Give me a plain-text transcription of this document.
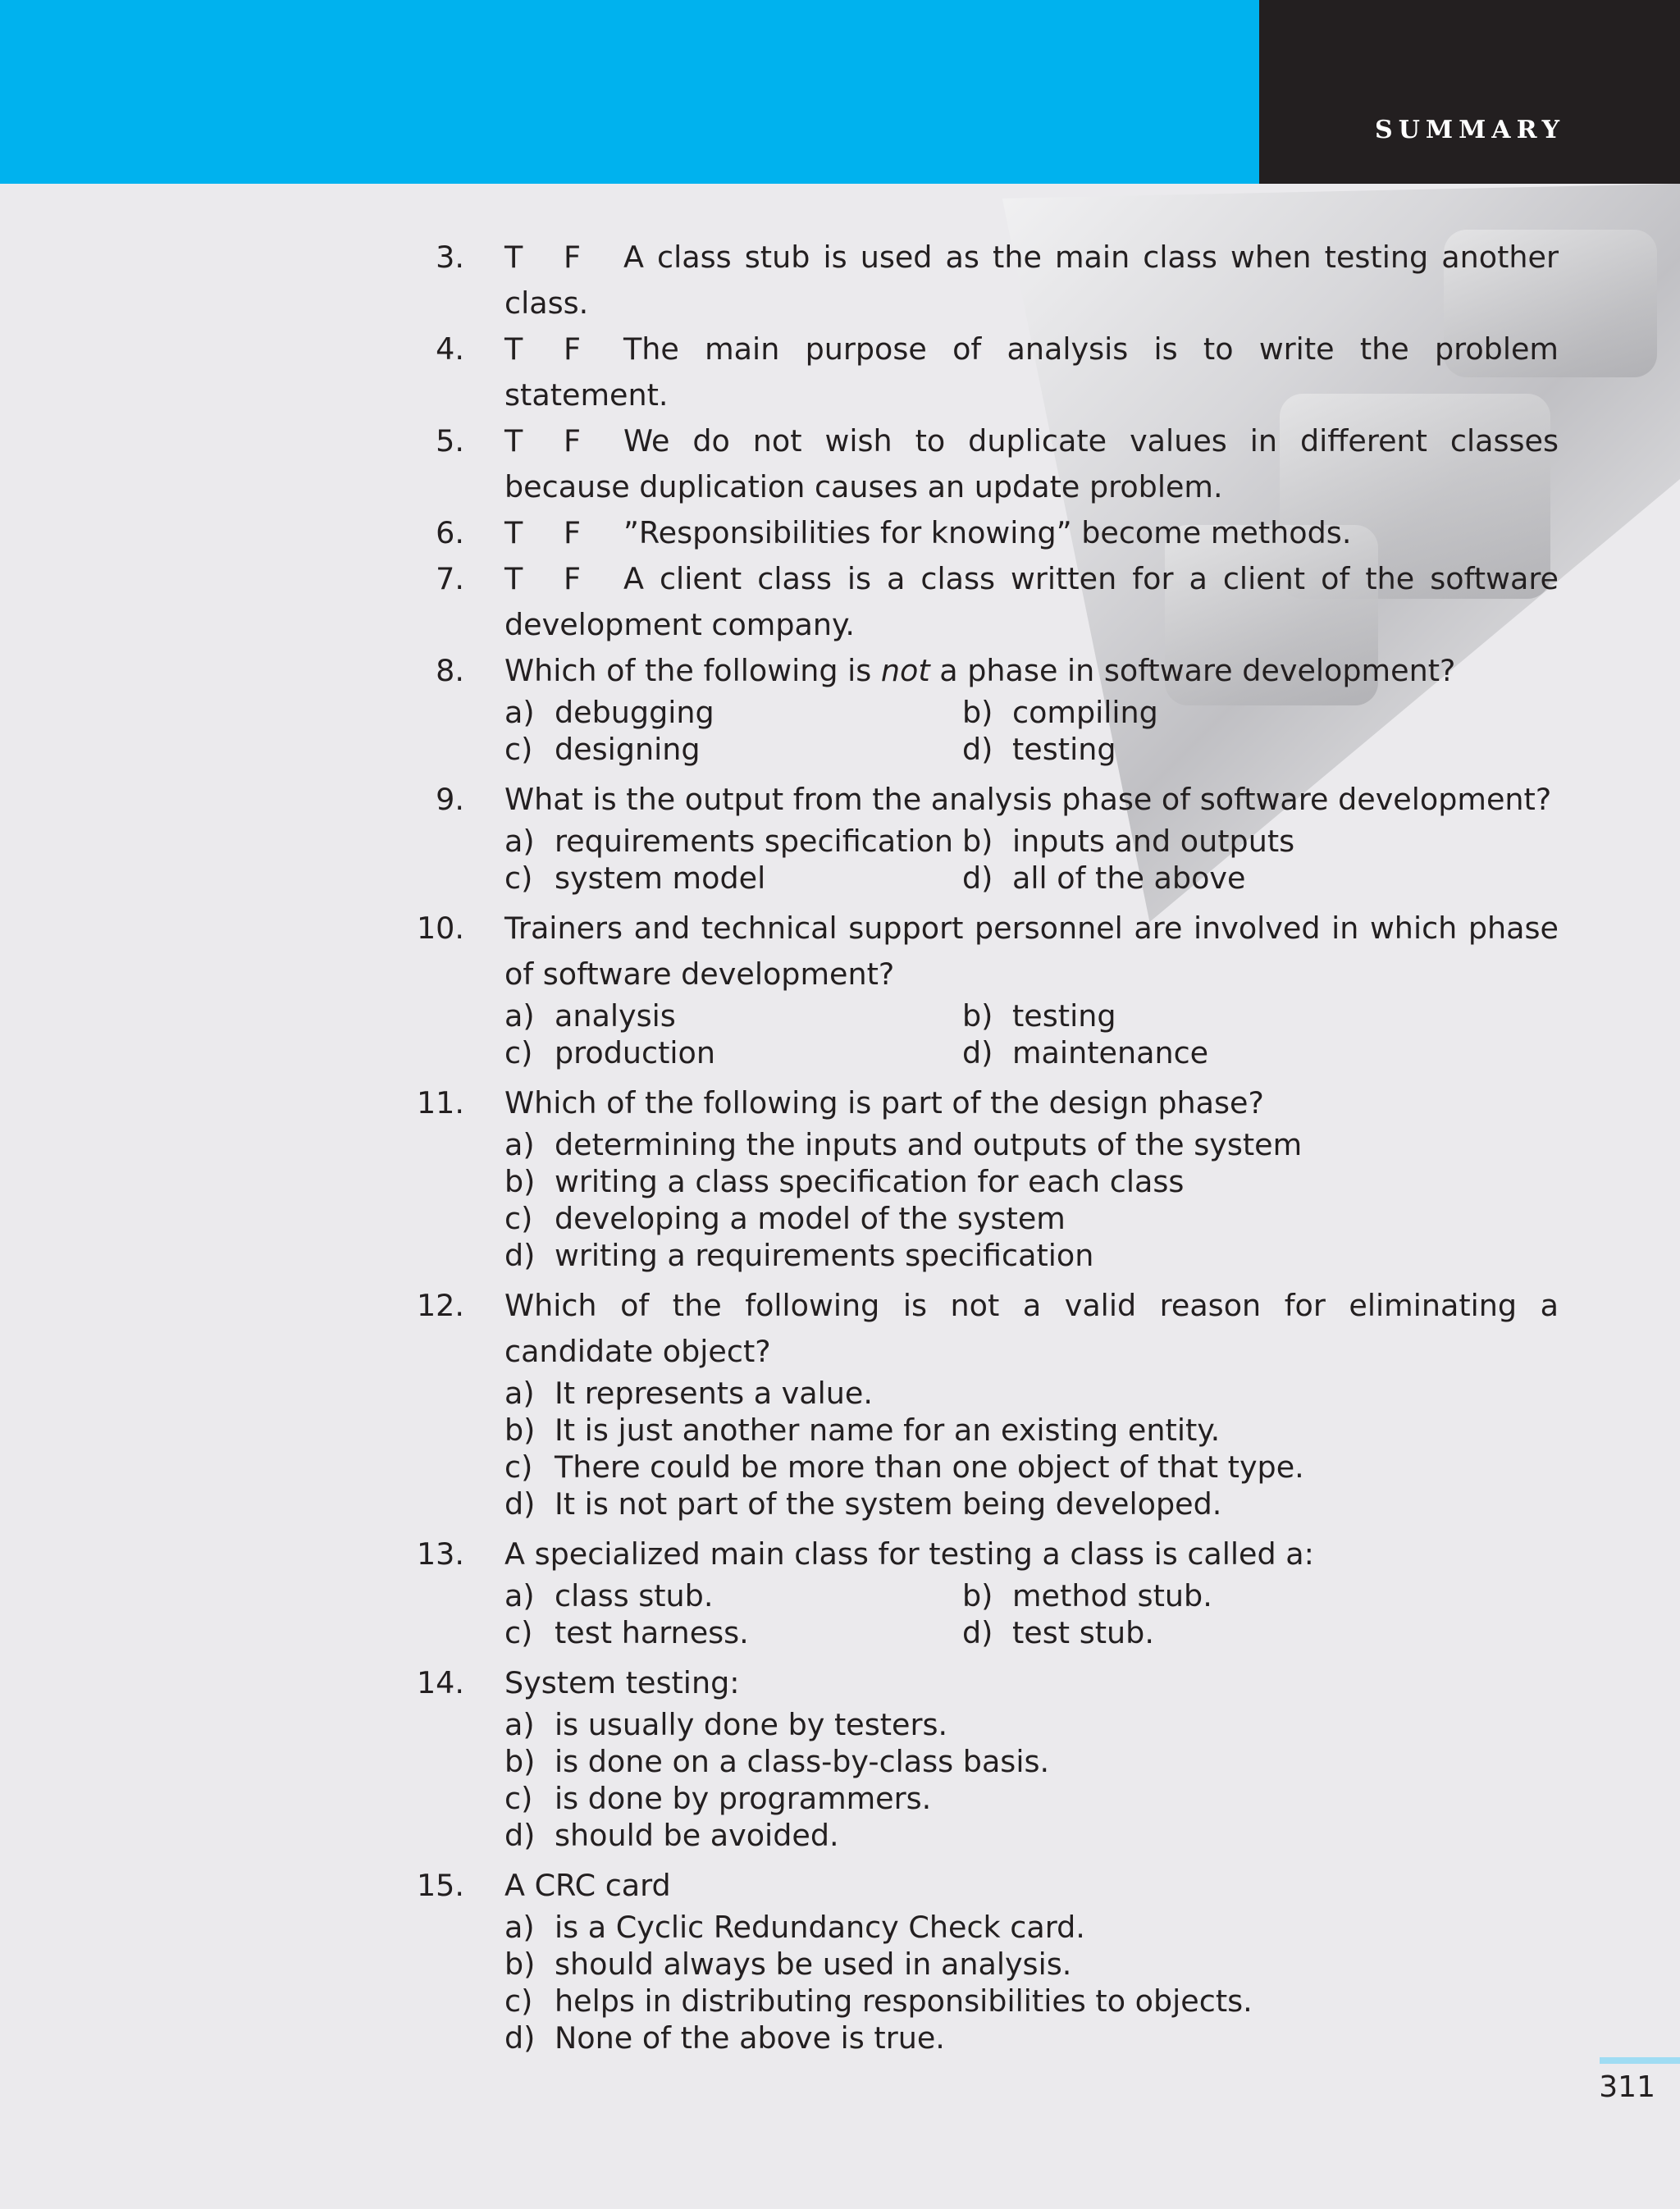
SUMMARY
3. T F A class stub is used as the main class when testing another class.
4. T F The main purpose of analysis is to write the problem statement.
5. T F We do not wish to duplicate values in different classes because duplication causes an update problem.
6. T F ”Responsibilities for knowing” become methods.
7. T F A client class is a class written for a client of the software development company.
8. Which of the following is not a phase in software development?
a) debugging	b) compiling
c) designing	d) testing
9. What is the output from the analysis phase of software development?
a) requirements specification b) inputs and outputs
c) system model	d) all of the above
10. Trainers and technical support personnel are involved in which phase of software development?
a) analysis	b) testing
c) production	d) maintenance
11. Which of the following is part of the design phase?
a) determining the inputs and outputs of the system
b) writing a class specification for each class
c) developing a model of the system
d) writing a requirements specification
12. Which of the following is not a valid reason for eliminating a candidate object?
a) It represents a value.
b) It is just another name for an existing entity.
c) There could be more than one object of that type.
d) It is not part of the system being developed.
13. A specialized main class for testing a class is called a:
a) class stub.	b) method stub.
c) test harness.	d) test stub.
14. System testing:
a) is usually done by testers.
b) is done on a class-by-class basis.
c) is done by programmers.
d) should be avoided.
15. A CRC card
a) is a Cyclic Redundancy Check card.
b) should always be used in analysis.
c) helps in distributing responsibilities to objects.
d) None of the above is true.
311
